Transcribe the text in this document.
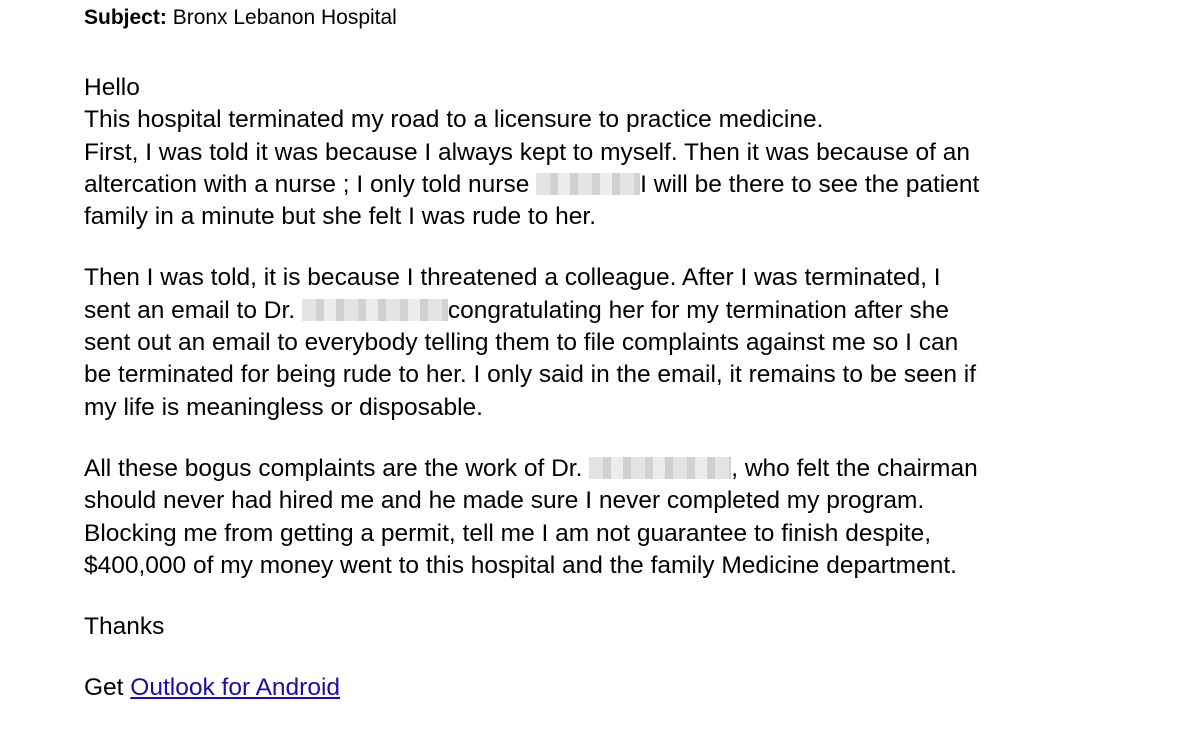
Subject: Bronx Lebanon Hospital
Hello
This hospital terminated my road to a licensure to practice medicine.
First, I was told it was because I always kept to myself. Then it was because of an
altercation with a nurse ; I only told nurse	I will be there to see the patient
family in a minute but she felt I was rude to her.
Then I was told, it is because I threatened a colleague. After I was terminated, I
sent an email to Dr.	congratulating her for my termination after she
sent out an email to everybody telling them to file complaints against me so I can
be terminated for being rude to her. I only said in the email, it remains to be seen if
my life is meaningless or disposable.
All these bogus complaints are the work of Dr.	, who felt the chairman
should never had hired me and he made sure I never completed my program.
Blocking me from getting a permit, tell me I am not guarantee to finish despite,
$400,000 of my money went to this hospital and the family Medicine department.
Thanks
Get Outlook for Android
